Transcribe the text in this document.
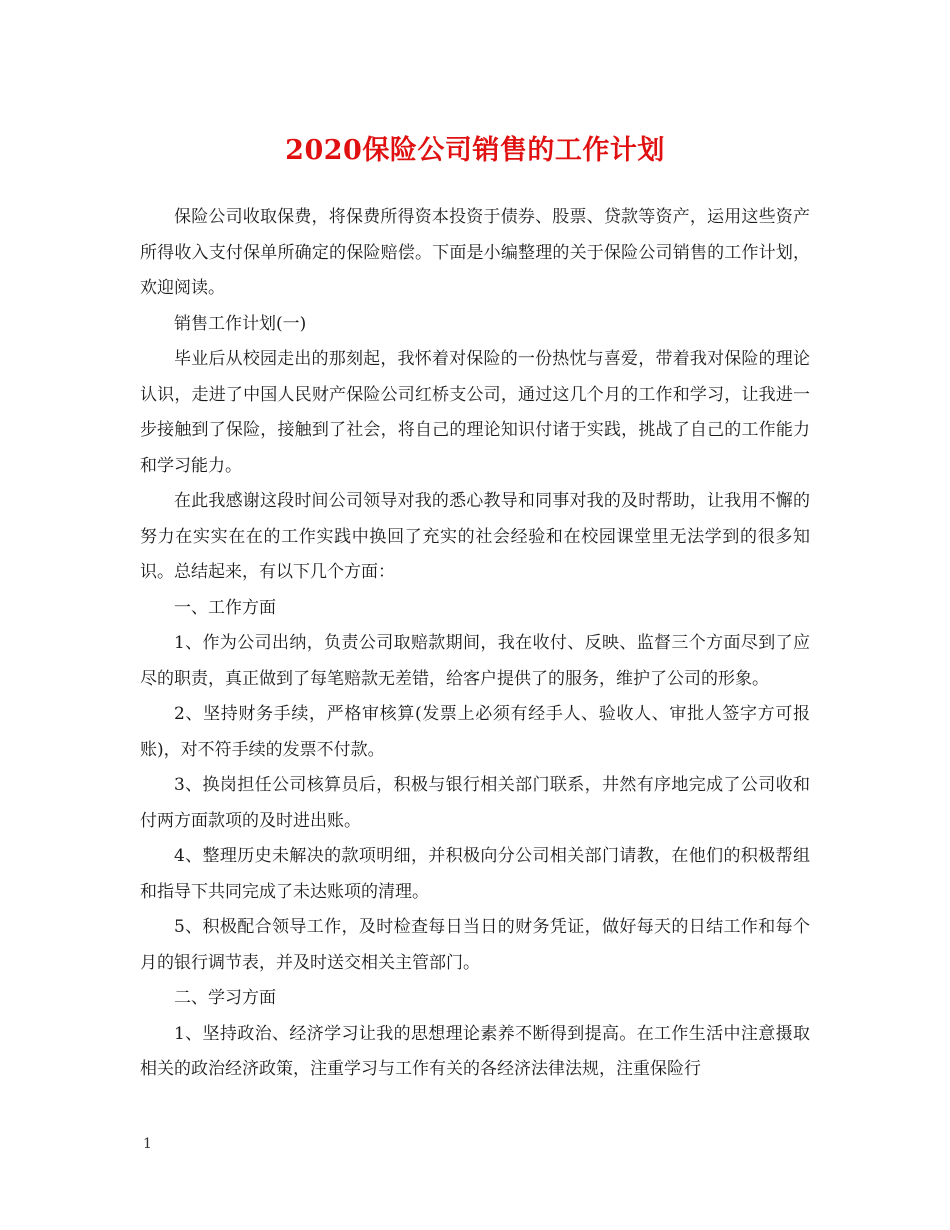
2020保险公司销售的工作计划

保险公司收取保费，将保费所得资本投资于债券、股票、贷款等资产，运用这些资产所得收入支付保单所确定的保险赔偿。下面是小编整理的关于保险公司销售的工作计划，欢迎阅读。

销售工作计划(一)

毕业后从校园走出的那刻起，我怀着对保险的一份热忱与喜爱，带着我对保险的理论认识，走进了中国人民财产保险公司红桥支公司，通过这几个月的工作和学习，让我进一步接触到了保险，接触到了社会，将自己的理论知识付诸于实践，挑战了自己的工作能力和学习能力。

在此我感谢这段时间公司领导对我的悉心教导和同事对我的及时帮助，让我用不懈的努力在实实在在的工作实践中换回了充实的社会经验和在校园课堂里无法学到的很多知识。总结起来，有以下几个方面：

一、工作方面

1、作为公司出纳，负责公司取赔款期间，我在收付、反映、监督三个方面尽到了应尽的职责，真正做到了每笔赔款无差错，给客户提供了的服务，维护了公司的形象。

2、坚持财务手续，严格审核算(发票上必须有经手人、验收人、审批人签字方可报账)，对不符手续的发票不付款。

3、换岗担任公司核算员后，积极与银行相关部门联系，井然有序地完成了公司收和付两方面款项的及时进出账。

4、整理历史未解决的款项明细，并积极向分公司相关部门请教，在他们的积极帮组和指导下共同完成了未达账项的清理。

5、积极配合领导工作，及时检查每日当日的财务凭证，做好每天的日结工作和每个月的银行调节表，并及时送交相关主管部门。

二、学习方面

1、坚持政治、经济学习让我的思想理论素养不断得到提高。在工作生活中注意摄取相关的政治经济政策，注重学习与工作有关的各经济法律法规，注重保险行

1
